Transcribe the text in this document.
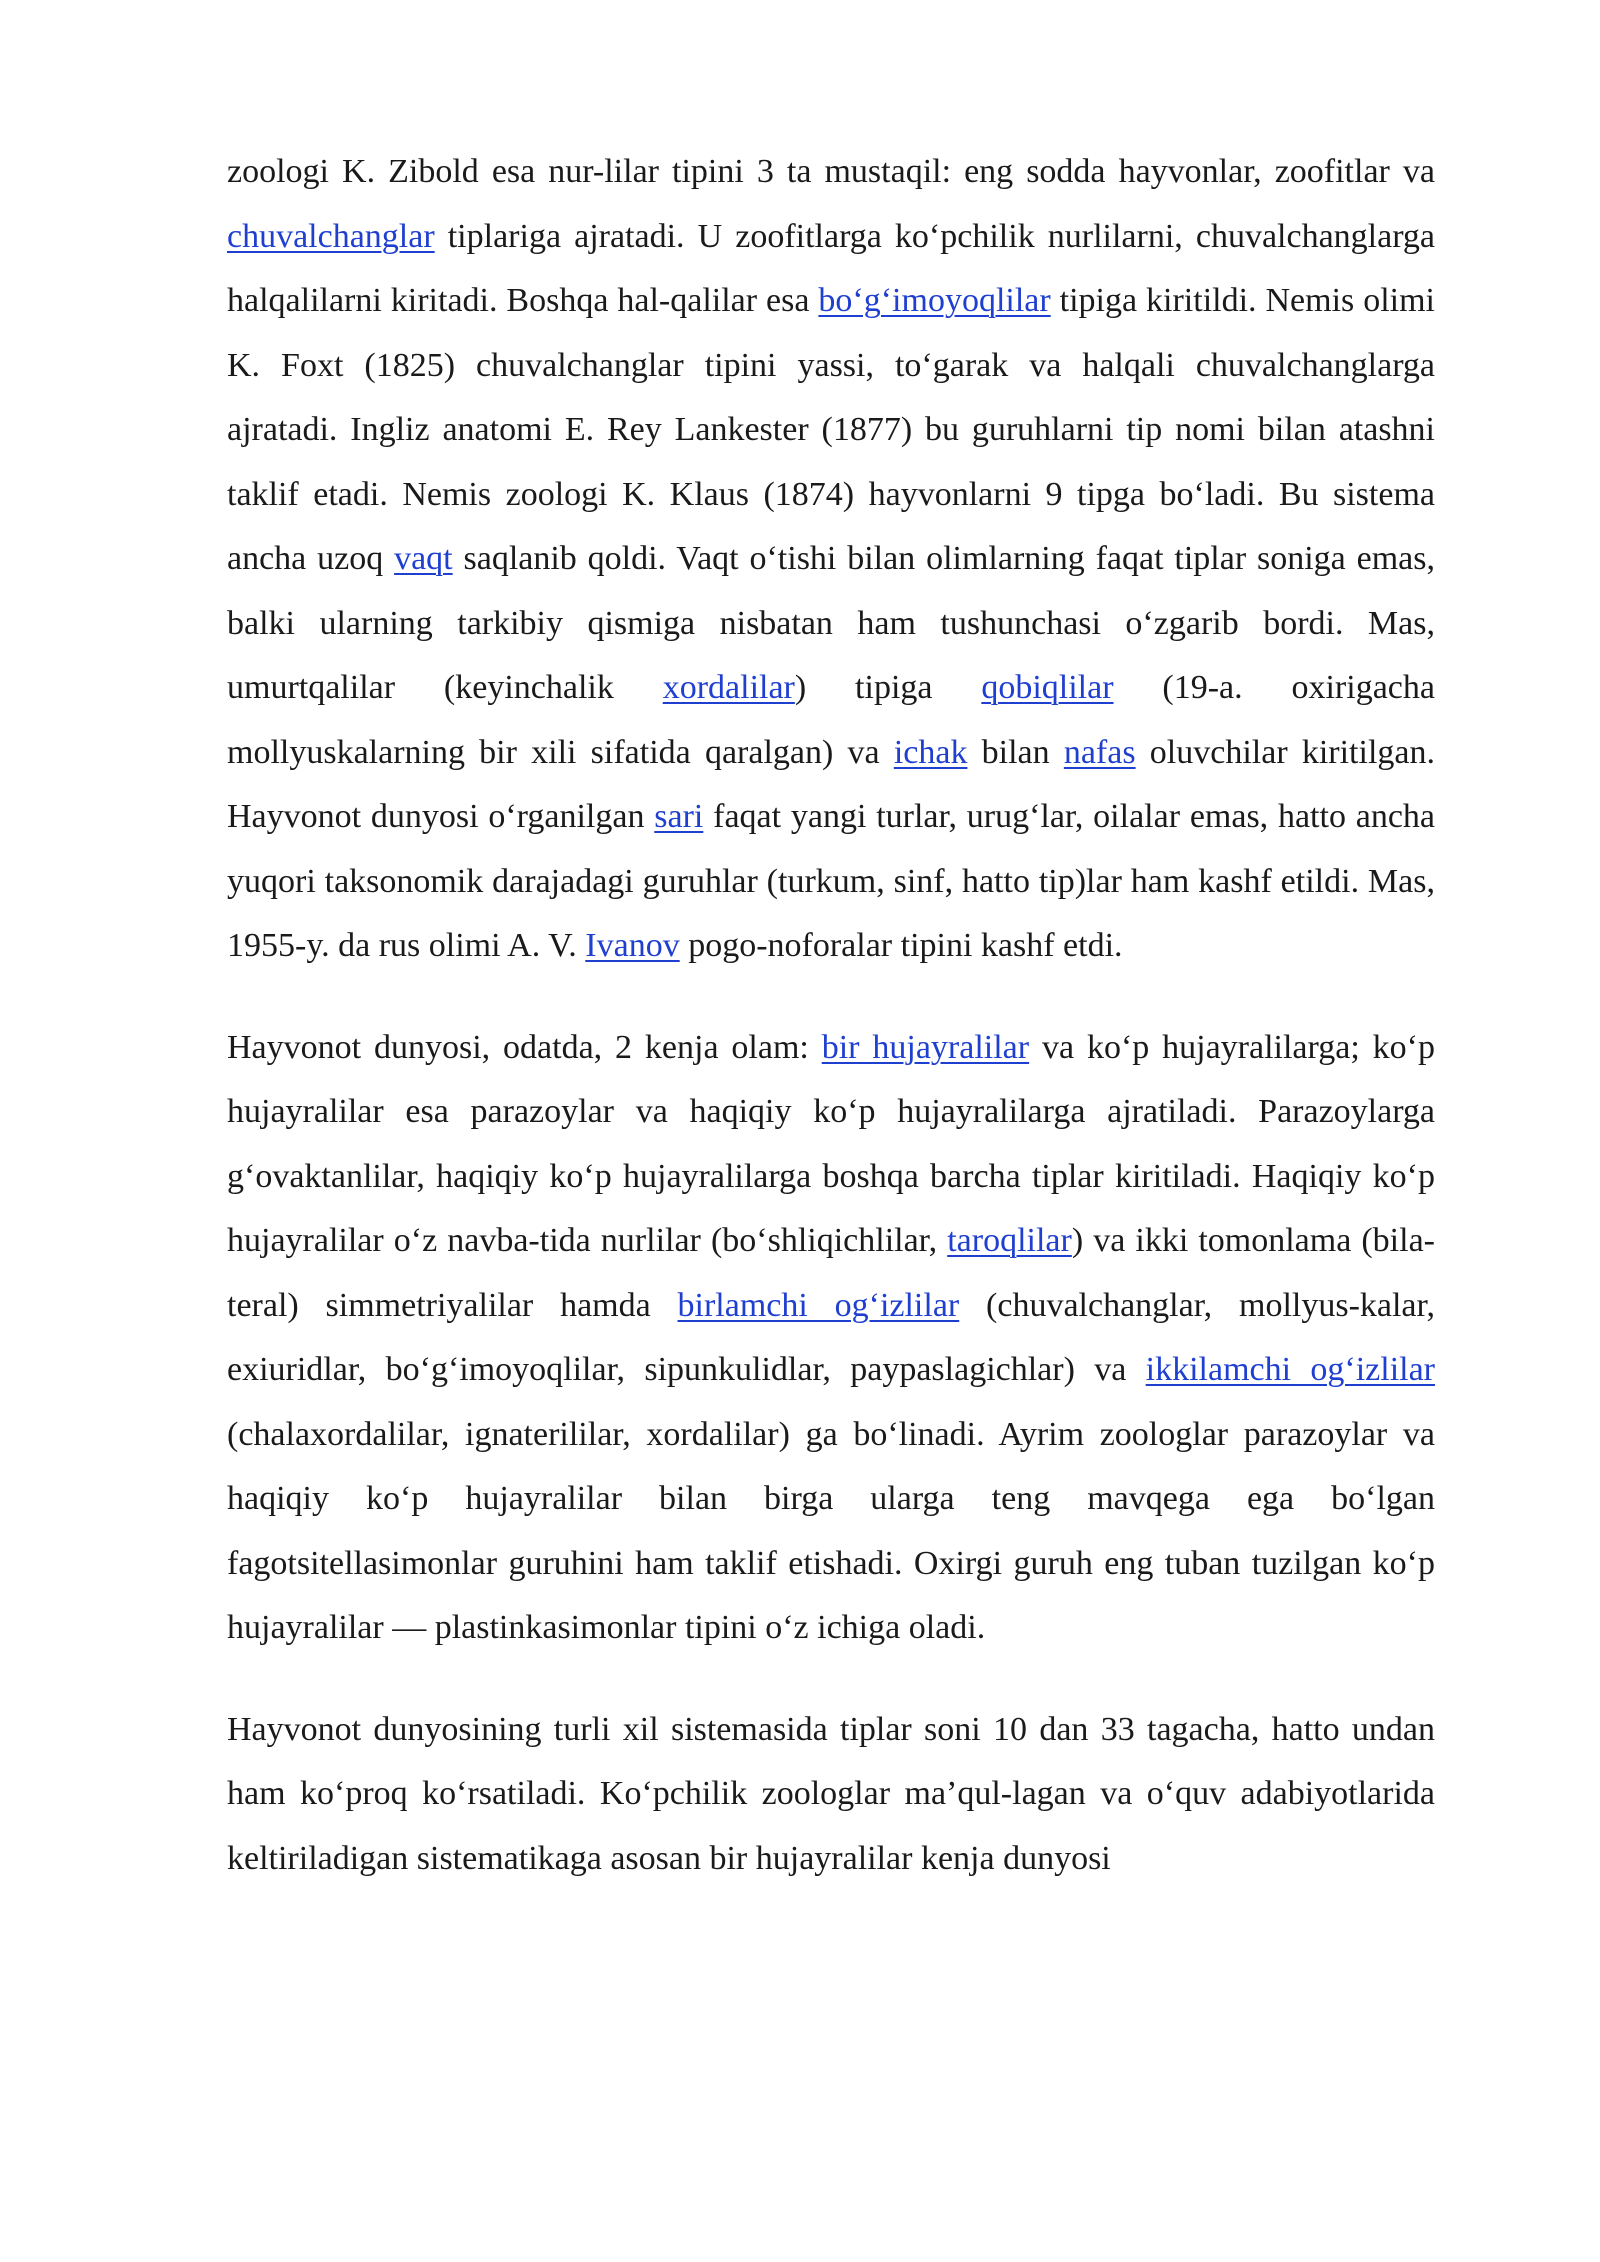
zoologi K. Zibold esa nur-lilar tipini 3 ta mustaqil: eng sodda hayvonlar, zoofitlar va chuvalchanglar tiplariga ajratadi. U zoofitlarga ko‘pchilik nurlilarni, chuvalchanglarga halqalilarni kiritadi. Boshqa hal-qalilar esa bo‘g‘imoyoqlilar tipiga kiritildi. Nemis olimi K. Foxt (1825) chuvalchanglar tipini yassi, to‘garak va halqali chuvalchanglarga ajratadi. Ingliz anatomi E. Rey Lankester (1877) bu guruhlarni tip nomi bilan atashni taklif etadi. Nemis zoologi K. Klaus (1874) hayvonlarni 9 tipga bo‘ladi. Bu sistema ancha uzoq vaqt saqlanib qoldi. Vaqt o‘tishi bilan olimlarning faqat tiplar soniga emas, balki ularning tarkibiy qismiga nisbatan ham tushunchasi o‘zgarib bordi. Mas, umurtqalilar (keyinchalik xordalilar) tipiga qobiqlilar (19-a. oxirigacha mollyuskalarning bir xili sifatida qaralgan) va ichak bilan nafas oluvchilar kiritilgan. Hayvonot dunyosi o‘rganilgan sari faqat yangi turlar, urug‘lar, oilalar emas, hatto ancha yuqori taksonomik darajadagi guruhlar (turkum, sinf, hatto tip)lar ham kashf etildi. Mas, 1955-y. da rus olimi A. V. Ivanov pogo-noforalar tipini kashf etdi.

Hayvonot dunyosi, odatda, 2 kenja olam: bir hujayralilar va ko‘p hujayralilarga; ko‘p hujayralilar esa parazoylar va haqiqiy ko‘p hujayralilarga ajratiladi. Parazoylarga g‘ovaktanlilar, haqiqiy ko‘p hujayralilarga boshqa barcha tiplar kiritiladi. Haqiqiy ko‘p hujayralilar o‘z navba-tida nurlilar (bo‘shliqichlilar, taroqlilar) va ikki tomonlama (bila-teral) simmetriyalilar hamda birlamchi og‘izlilar (chuvalchanglar, mollyus-kalar, exiuridlar, bo‘g‘imoyoqlilar, sipunkulidlar, paypaslagichlar) va ikkilamchi og‘izlilar (chalaxordalilar, ignaterililar, xordalilar) ga bo‘linadi. Ayrim zoologlar parazoylar va haqiqiy ko‘p hujayralilar bilan birga ularga teng mavqega ega bo‘lgan fagotsitellasimonlar guruhini ham taklif etishadi. Oxirgi guruh eng tuban tuzilgan ko‘p hujayralilar — plastinkasimonlar tipini o‘z ichiga oladi.

Hayvonot dunyosining turli xil sistemasida tiplar soni 10 dan 33 tagacha, hatto undan ham ko‘proq ko‘rsatiladi. Ko‘pchilik zoologlar ma’qul-lagan va o‘quv adabiyotlarida keltiriladigan sistematikaga asosan bir hujayralilar kenja dunyosi
